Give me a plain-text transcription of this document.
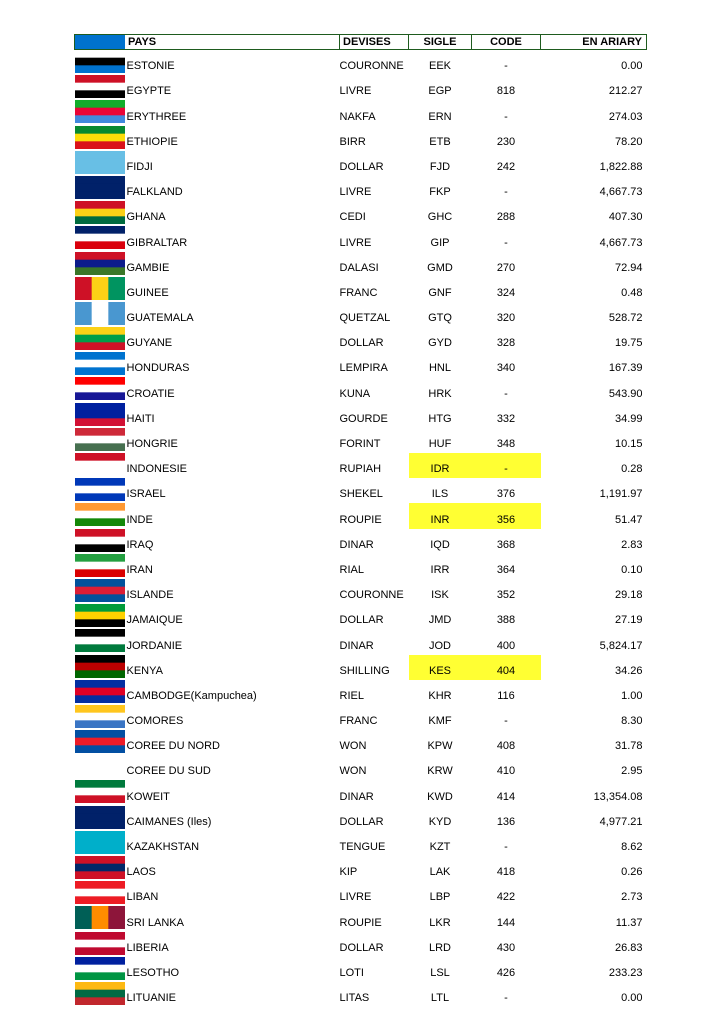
	PAYS	DEVISES	SIGLE	CODE	EN ARIARY

	ESTONIE	COURONNE	EEK	-	0.00

	EGYPTE	LIVRE	EGP	818	212.27

	ERYTHREE	NAKFA	ERN	-	274.03

	ETHIOPIE	BIRR	ETB	230	78.20

	FIDJI	DOLLAR	FJD	242	1,822.88

	FALKLAND	LIVRE	FKP	-	4,667.73

	GHANA	CEDI	GHC	288	407.30

	GIBRALTAR	LIVRE	GIP	-	4,667.73

	GAMBIE	DALASI	GMD	270	72.94

	GUINEE	FRANC	GNF	324	0.48

	GUATEMALA	QUETZAL	GTQ	320	528.72

	GUYANE	DOLLAR	GYD	328	19.75

	HONDURAS	LEMPIRA	HNL	340	167.39

	CROATIE	KUNA	HRK	-	543.90

	HAITI	GOURDE	HTG	332	34.99

	HONGRIE	FORINT	HUF	348	10.15

	INDONESIE	RUPIAH	IDR	-	0.28

	ISRAEL	SHEKEL	ILS	376	1,191.97

	INDE	ROUPIE	INR	356	51.47

	IRAQ	DINAR	IQD	368	2.83

	IRAN	RIAL	IRR	364	0.10

	ISLANDE	COURONNE	ISK	352	29.18

	JAMAIQUE	DOLLAR	JMD	388	27.19

	JORDANIE	DINAR	JOD	400	5,824.17

	KENYA	SHILLING	KES	404	34.26

	CAMBODGE(Kampuchea)	RIEL	KHR	116	1.00

	COMORES	FRANC	KMF	-	8.30

	COREE DU NORD	WON	KPW	408	31.78

	COREE DU SUD	WON	KRW	410	2.95

	KOWEIT	DINAR	KWD	414	13,354.08

	CAIMANES (Iles)	DOLLAR	KYD	136	4,977.21

	KAZAKHSTAN	TENGUE	KZT	-	8.62

	LAOS	KIP	LAK	418	0.26

	LIBAN	LIVRE	LBP	422	2.73

	SRI LANKA	ROUPIE	LKR	144	11.37

	LIBERIA	DOLLAR	LRD	430	26.83

	LESOTHO	LOTI	LSL	426	233.23

	LITUANIE	LITAS	LTL	-	0.00
